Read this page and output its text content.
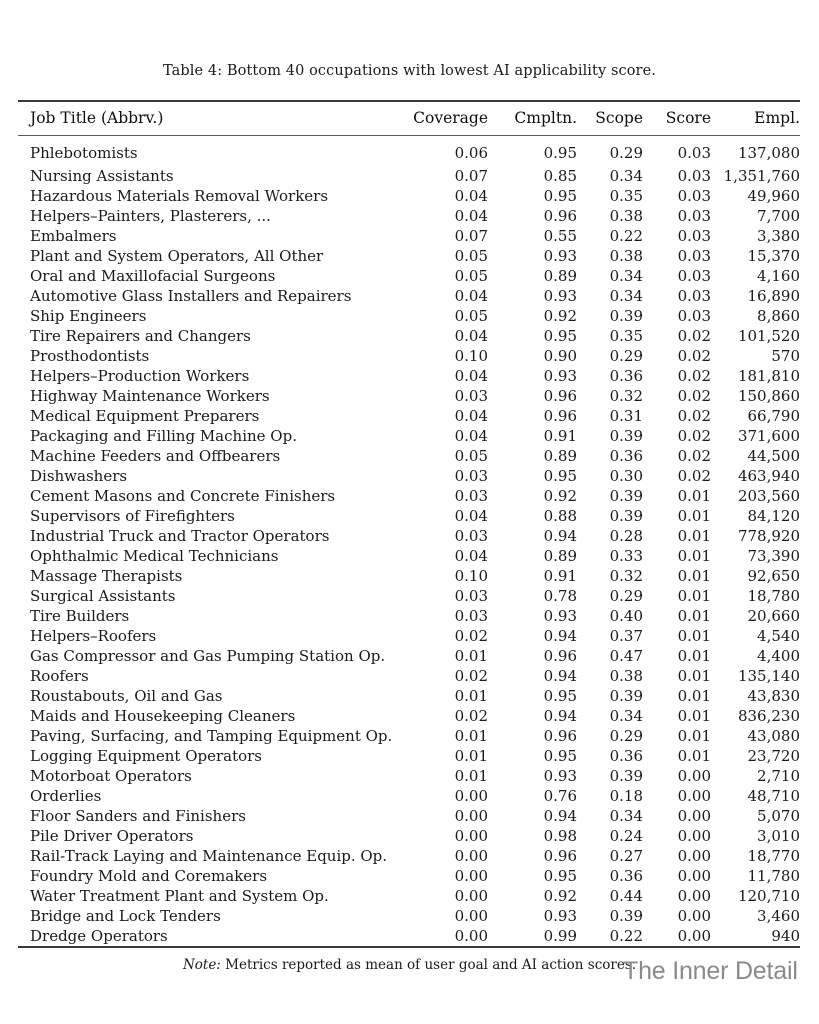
Table 4: Bottom 40 occupations with lowest AI applicability score.
Job Title (Abbrv.)	Coverage	Cmpltn.	Scope	Score	Empl.

Phlebotomists	0.06	0.95	0.29	0.03	137,080
Nursing Assistants	0.07	0.85	0.34	0.03	1,351,760
Hazardous Materials Removal Workers	0.04	0.95	0.35	0.03	49,960
Helpers–Painters, Plasterers, ...	0.04	0.96	0.38	0.03	7,700
Embalmers	0.07	0.55	0.22	0.03	3,380
Plant and System Operators, All Other	0.05	0.93	0.38	0.03	15,370
Oral and Maxillofacial Surgeons	0.05	0.89	0.34	0.03	4,160
Automotive Glass Installers and Repairers	0.04	0.93	0.34	0.03	16,890
Ship Engineers	0.05	0.92	0.39	0.03	8,860
Tire Repairers and Changers	0.04	0.95	0.35	0.02	101,520
Prosthodontists	0.10	0.90	0.29	0.02	570
Helpers–Production Workers	0.04	0.93	0.36	0.02	181,810
Highway Maintenance Workers	0.03	0.96	0.32	0.02	150,860
Medical Equipment Preparers	0.04	0.96	0.31	0.02	66,790
Packaging and Filling Machine Op.	0.04	0.91	0.39	0.02	371,600
Machine Feeders and Offbearers	0.05	0.89	0.36	0.02	44,500
Dishwashers	0.03	0.95	0.30	0.02	463,940
Cement Masons and Concrete Finishers	0.03	0.92	0.39	0.01	203,560
Supervisors of Firefighters	0.04	0.88	0.39	0.01	84,120
Industrial Truck and Tractor Operators	0.03	0.94	0.28	0.01	778,920
Ophthalmic Medical Technicians	0.04	0.89	0.33	0.01	73,390
Massage Therapists	0.10	0.91	0.32	0.01	92,650
Surgical Assistants	0.03	0.78	0.29	0.01	18,780
Tire Builders	0.03	0.93	0.40	0.01	20,660
Helpers–Roofers	0.02	0.94	0.37	0.01	4,540
Gas Compressor and Gas Pumping Station Op.	0.01	0.96	0.47	0.01	4,400
Roofers	0.02	0.94	0.38	0.01	135,140
Roustabouts, Oil and Gas	0.01	0.95	0.39	0.01	43,830
Maids and Housekeeping Cleaners	0.02	0.94	0.34	0.01	836,230
Paving, Surfacing, and Tamping Equipment Op.	0.01	0.96	0.29	0.01	43,080
Logging Equipment Operators	0.01	0.95	0.36	0.01	23,720
Motorboat Operators	0.01	0.93	0.39	0.00	2,710
Orderlies	0.00	0.76	0.18	0.00	48,710
Floor Sanders and Finishers	0.00	0.94	0.34	0.00	5,070
Pile Driver Operators	0.00	0.98	0.24	0.00	3,010
Rail-Track Laying and Maintenance Equip. Op.	0.00	0.96	0.27	0.00	18,770
Foundry Mold and Coremakers	0.00	0.95	0.36	0.00	11,780
Water Treatment Plant and System Op.	0.00	0.92	0.44	0.00	120,710
Bridge and Lock Tenders	0.00	0.93	0.39	0.00	3,460
Dredge Operators	0.00	0.99	0.22	0.00	940
Note: Metrics reported as mean of user goal and AI action scores.
The Inner Detail
